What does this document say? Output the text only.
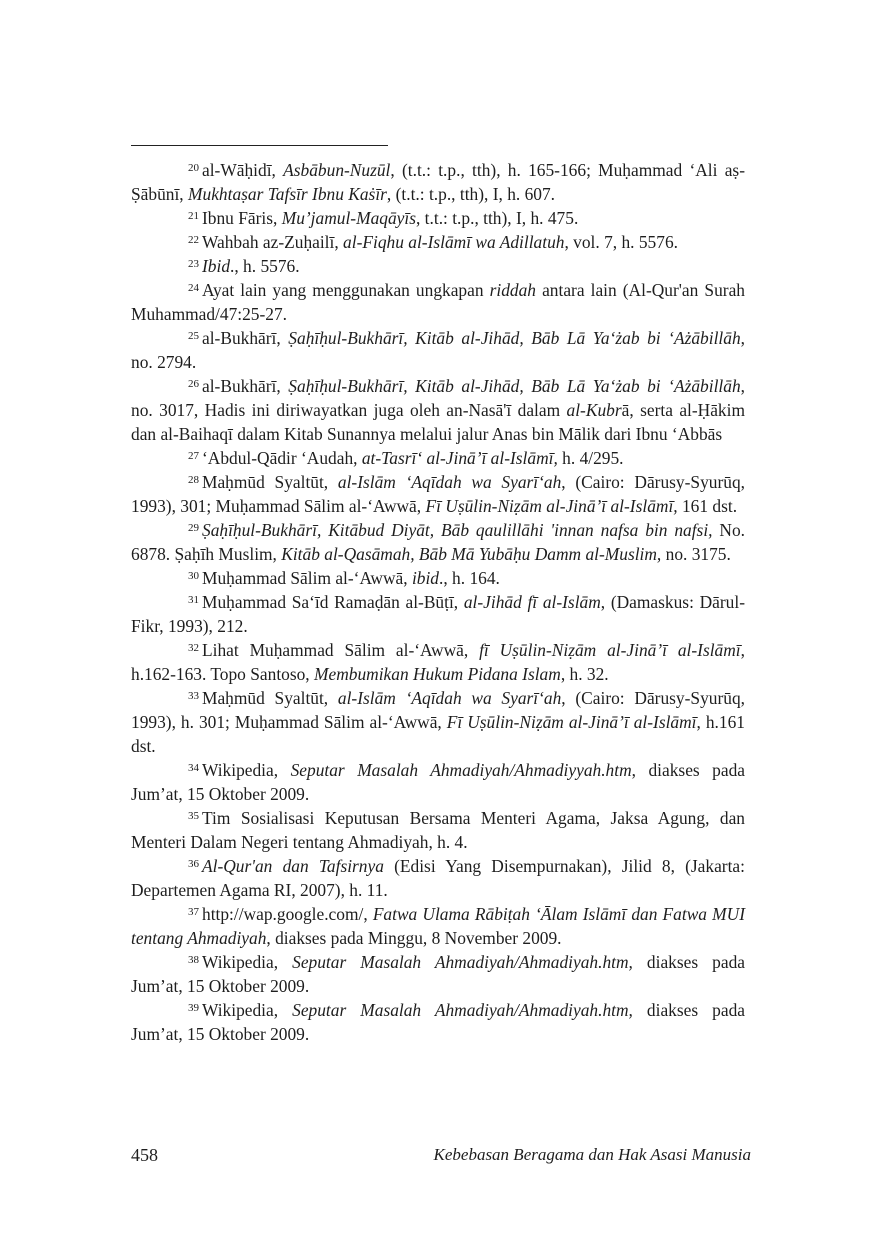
$^{20}$ al-Wāḥidī, Asbābun-Nuzūl, (t.t.: t.p., tth), h. 165-166; Muḥammad ‘Ali aṣ-Ṣābūnī, Mukhtaṣar Tafsīr Ibnu Kaṡīr, (t.t.: t.p., tth), I, h. 607.

$^{21}$ Ibnu Fāris, Mu’jamul-Maqāyīs, t.t.: t.p., tth), I, h. 475.

$^{22}$ Wahbah az-Zuḥailī, al-Fiqhu al-Islāmī wa Adillatuh, vol. 7, h. 5576.

$^{23}$ Ibid., h. 5576.

$^{24}$ Ayat lain yang menggunakan ungkapan riddah antara lain (Al-Qur'an Surah Muhammad/47:25-27.

$^{25}$ al-Bukhārī, Ṣaḥīḥul-Bukhārī, Kitāb al-Jihād, Bāb Lā Ya‘żab bi ‘Ażābillāh, no. 2794.

$^{26}$ al-Bukhārī, Ṣaḥīḥul-Bukhārī, Kitāb al-Jihād, Bāb Lā Ya‘żab bi ‘Ażābillāh, no. 3017, Hadis ini diriwayatkan juga oleh an-Nasā'ī dalam al-Kubrā, serta al-Ḥākim dan al-Baihaqī dalam Kitab Sunannya melalui jalur Anas bin Mālik dari Ibnu ‘Abbās

$^{27}$ ‘Abdul-Qādir ‘Audah, at-Tasrī‘ al-Jinā’ī al-Islāmī, h. 4/295.

$^{28}$ Maḥmūd Syaltūt, al-Islām ‘Aqīdah wa Syarī‘ah, (Cairo: Dārusy-Syurūq, 1993), 301; Muḥammad Sālim al-‘Awwā, Fī Uṣūlin-Niẓām al-Jinā’ī al-Islāmī, 161 dst.

$^{29}$ Ṣaḥīḥul-Bukhārī, Kitābud Diyāt, Bāb qaulillāhi 'innan nafsa bin nafsi, No. 6878. Ṣaḥīh Muslim, Kitāb al-Qasāmah, Bāb Mā Yubāḥu Damm al-Muslim, no. 3175.

$^{30}$ Muḥammad Sālim al-‘Awwā, ibid., h. 164.

$^{31}$ Muḥammad Sa‘īd Ramaḍān al-Būṭī, al-Jihād fī al-Islām, (Damaskus: Dārul-Fikr, 1993), 212.

$^{32}$ Lihat Muḥammad Sālim al-‘Awwā, fī Uṣūlin-Niẓām al-Jinā’ī al-Islāmī, h.162-163. Topo Santoso, Membumikan Hukum Pidana Islam, h. 32.

$^{33}$ Maḥmūd Syaltūt, al-Islām ‘Aqīdah wa Syarī‘ah, (Cairo: Dārusy-Syurūq, 1993), h. 301; Muḥammad Sālim al-‘Awwā, Fī Uṣūlin-Niẓām al-Jinā’ī al-Islāmī, h.161 dst.

$^{34}$ Wikipedia, Seputar Masalah Ahmadiyah/Ahmadiyyah.htm, diakses pada Jum’at, 15 Oktober 2009.

$^{35}$ Tim Sosialisasi Keputusan Bersama Menteri Agama, Jaksa Agung, dan Menteri Dalam Negeri tentang Ahmadiyah, h. 4.

$^{36}$ Al-Qur'an dan Tafsirnya (Edisi Yang Disempurnakan), Jilid 8, (Jakarta: Departemen Agama RI, 2007), h. 11.

$^{37}$ http://wap.google.com/, Fatwa Ulama Rābiṭah ‘Ālam Islāmī dan Fatwa MUI tentang Ahmadiyah, diakses pada Minggu, 8 November 2009.

$^{38}$ Wikipedia, Seputar Masalah Ahmadiyah/Ahmadiyah.htm, diakses pada Jum’at, 15 Oktober 2009.

$^{39}$ Wikipedia, Seputar Masalah Ahmadiyah/Ahmadiyah.htm, diakses pada Jum’at, 15 Oktober 2009.

458	Kebebasan Beragama dan Hak Asasi Manusia
